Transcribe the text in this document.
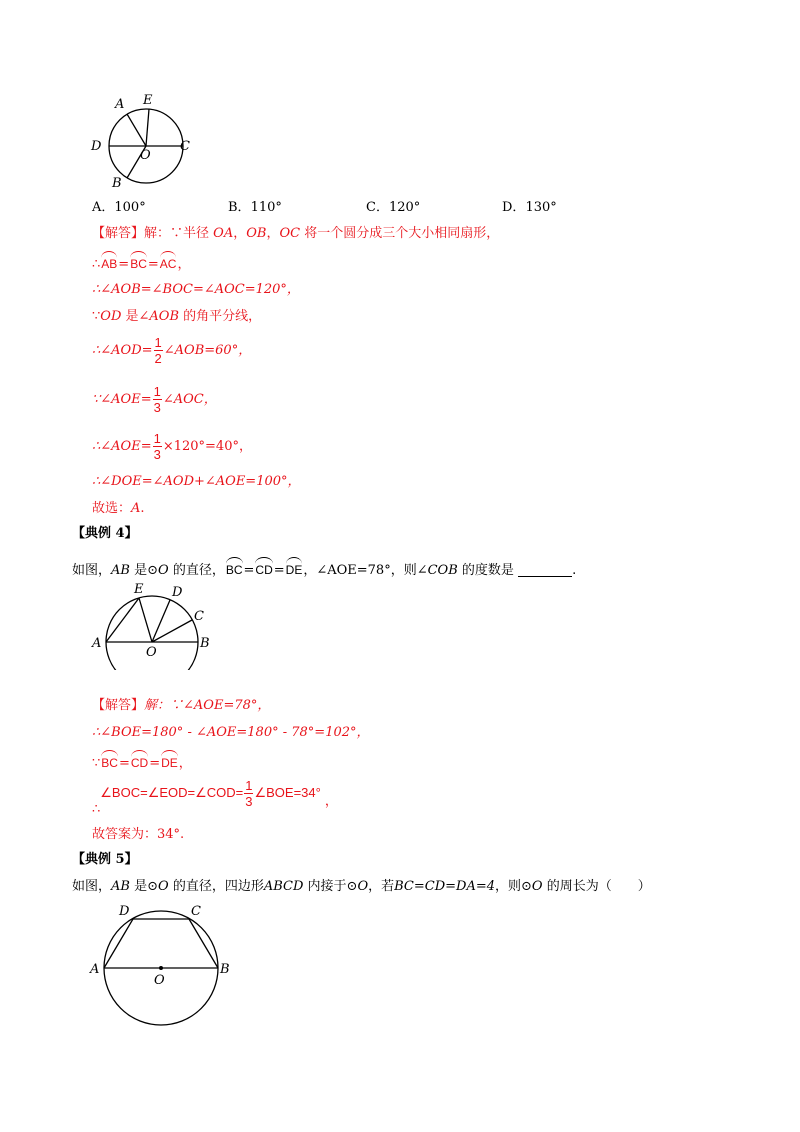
A E
D
O
C
B
A．100°	B．110°	C．120°	D．130°
【解答】解：∵半径 OA，OB，OC 将一个圆分成三个大小相同扇形，
∴AB=BC=AC，
∴∠AOB=∠BOC=∠AOC=120°，
∵OD 是∠AOB 的角平分线，
∴∠AOD= $\frac{1}{2}$ ∠AOB=60°，
∵∠AOE= $\frac{1}{3}$ ∠AOC，
∴∠AOE= $\frac{1}{3} \times 120^\circ=40^\circ$，
∴∠DOE=∠AOD+∠AOE=100°，
故选：A.
【典例 4】
如图，AB 是⊙O 的直径，BC=CD=DE，∠AOE=78°，则∠COB 的度数是	.
E D
C
A
O
B
【解答】解：∵∠AOE=78°，
∴∠BOE=180° - ∠AOE=180° - 78°=102°，
∵BC=CD=DE，
∴∠BOC=∠EOD=∠COD= $\frac{1}{3}$ ∠BOE=34°，
故答案为：34°.
【典例 5】
如图，AB 是⊙O 的直径，四边形ABCD 内接于⊙O，若BC=CD=DA=4，则⊙O 的周长为（　　）
D	C
A	B
O
